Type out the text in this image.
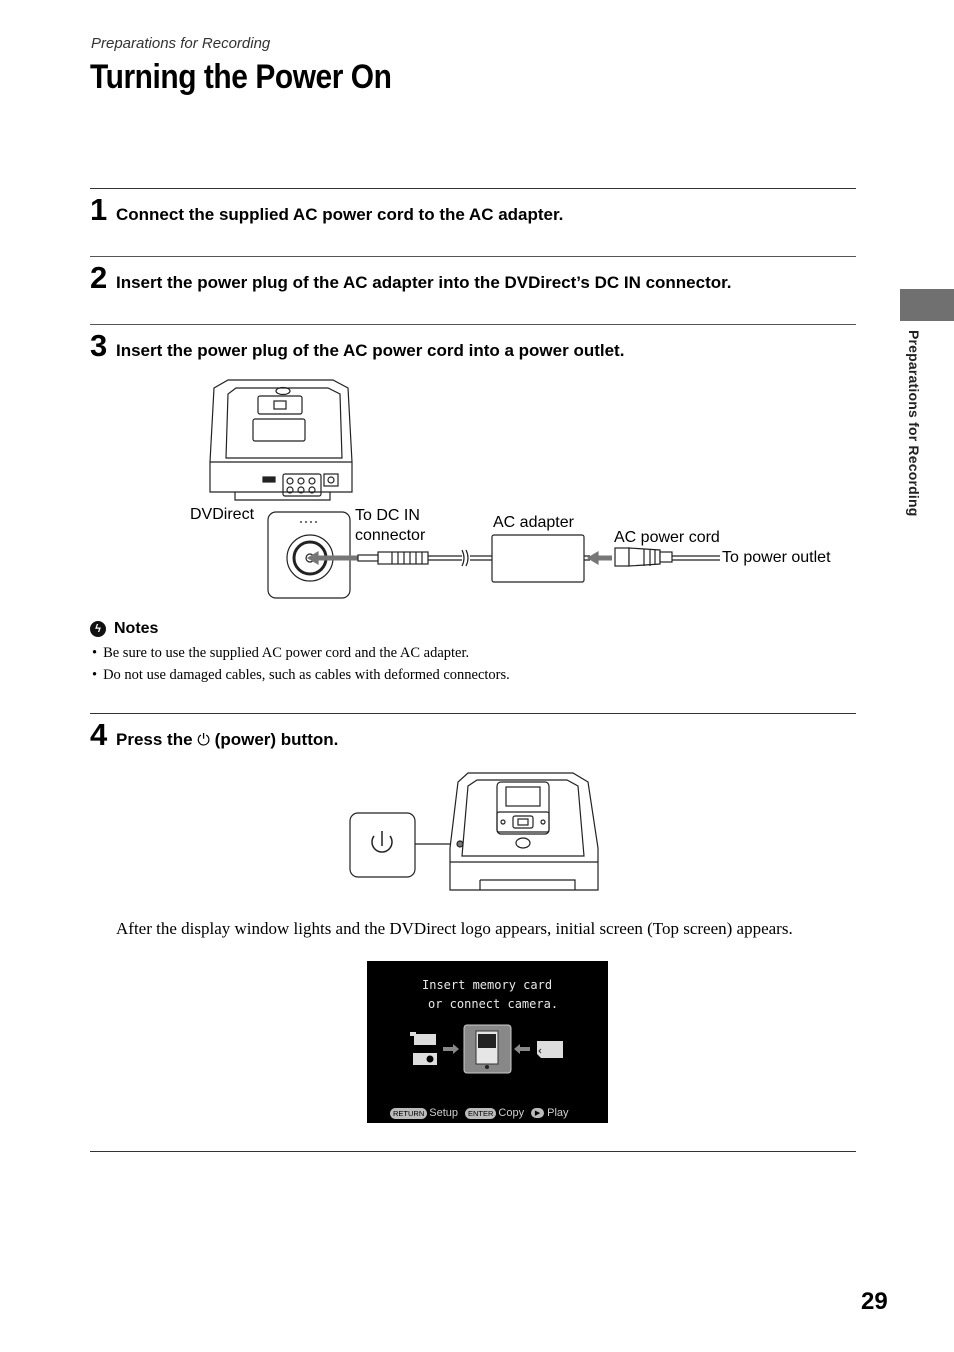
Preparations for Recording
Turning the Power On
Preparations for Recording
1 Connect the supplied AC power cord to the AC adapter.
2 Insert the power plug of the AC adapter into the DVDirect’s DC IN connector.
3 Insert the power plug of the AC power cord into a power outlet.
DVDirect	To DC IN
connector
AC adapter
AC power cord
To power outlet
ϟ Notes
• Be sure to use the supplied AC power cord and the AC adapter.
• Do not use damaged cables, such as cables with deformed connectors.
4 Press the ⏻ (power) button.
After the display window lights and the DVDirect logo appears, initial screen (Top screen) appears.
Insert memory card
or connect camera.
RETURN Setup	ENTER Copy	▶ Play
29
